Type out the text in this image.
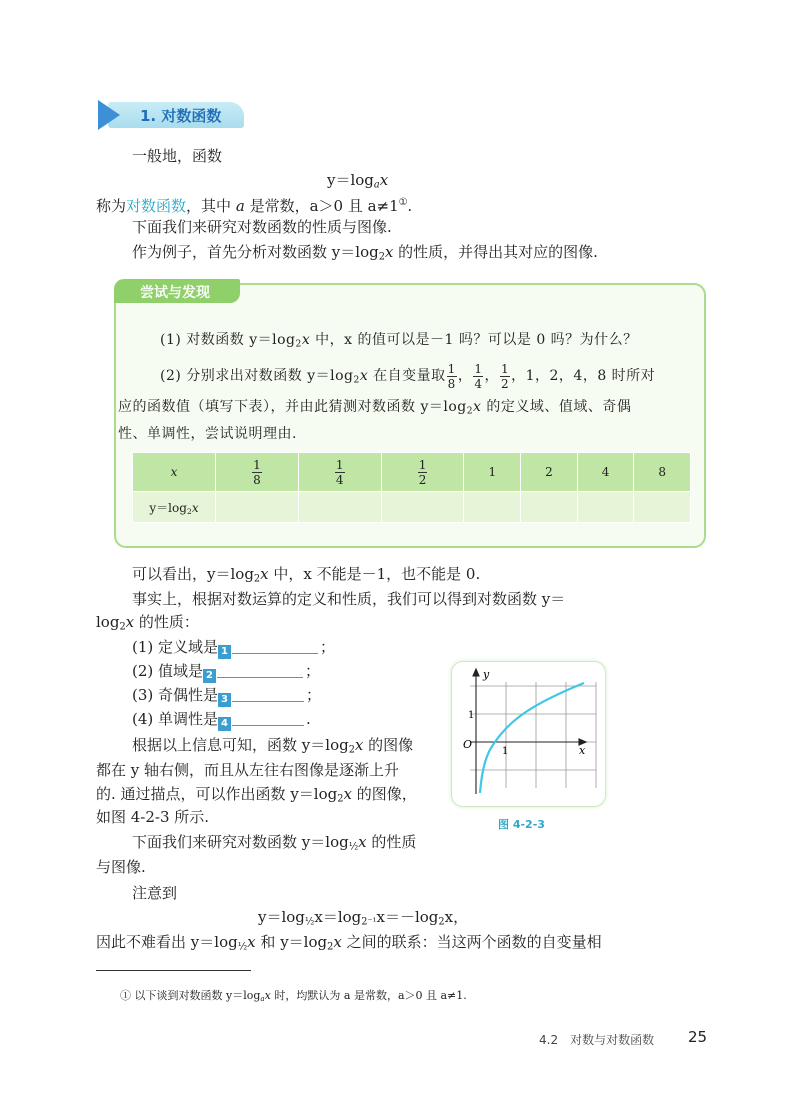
1. 对数函数
一般地，函数
$y=\log_ax$
称为对数函数，其中 a 是常数，a＞0 且 a≠1①.
下面我们来研究对数函数的性质与图像.
作为例子，首先分析对数函数 $y=\log_2x$ 的性质，并得出其对应的图像.
尝试与发现
(1) 对数函数 $y=\log_2x$ 中，x 的值可以是－1 吗？可以是 0 吗？为什么？
(2) 分别求出对数函数 $y=\log_2x$ 在自变量取 $\frac{1}{8}$ ， $\frac{1}{4}$ ， $\frac{1}{2}$ ，1，2，4，8 时所对
应的函数值（填写下表），并由此猜测对数函数 $y=\log_2x$ 的定义域、值域、奇偶
性、单调性，尝试说明理由.
x	$\frac{1}{8}$	$\frac{1}{4}$	$\frac{1}{2}$	1	2	4	8
$y=\log_2x$							
可以看出，$y=\log_2x$ 中，x 不能是－1，也不能是 0.
事实上，根据对数运算的定义和性质，我们可以得到对数函数 y＝
$\log_2x$ 的性质：
(1) 定义域是 1	；
(2) 值域是 2	；
(3) 奇偶性是 3	；
(4) 单调性是 4	.
根据以上信息可知，函数 $y=\log_2x$ 的图像
都在 y 轴右侧，而且从左往右图像是逐渐上升
的. 通过描点，可以作出函数 $y=\log_2x$ 的图像，
如图 4-2-3 所示.
下面我们来研究对数函数 $y=\log_{\frac{1}{2}}x$ 的性质
与图像.
注意到
$y=\log_{\frac{1}{2}}x=\log_{2^{-1}}x=-\log_2x$，
因此不难看出 $y=\log_{\frac{1}{2}}x$ 和 $y=\log_2x$ 之间的联系：当这两个函数的自变量相
y
x
O
1
1
图 4-2-3
① 以下谈到对数函数 $y=\log_ax$ 时，均默认为 a 是常数，a＞0 且 a≠1.
4.2　对数与对数函数 25
